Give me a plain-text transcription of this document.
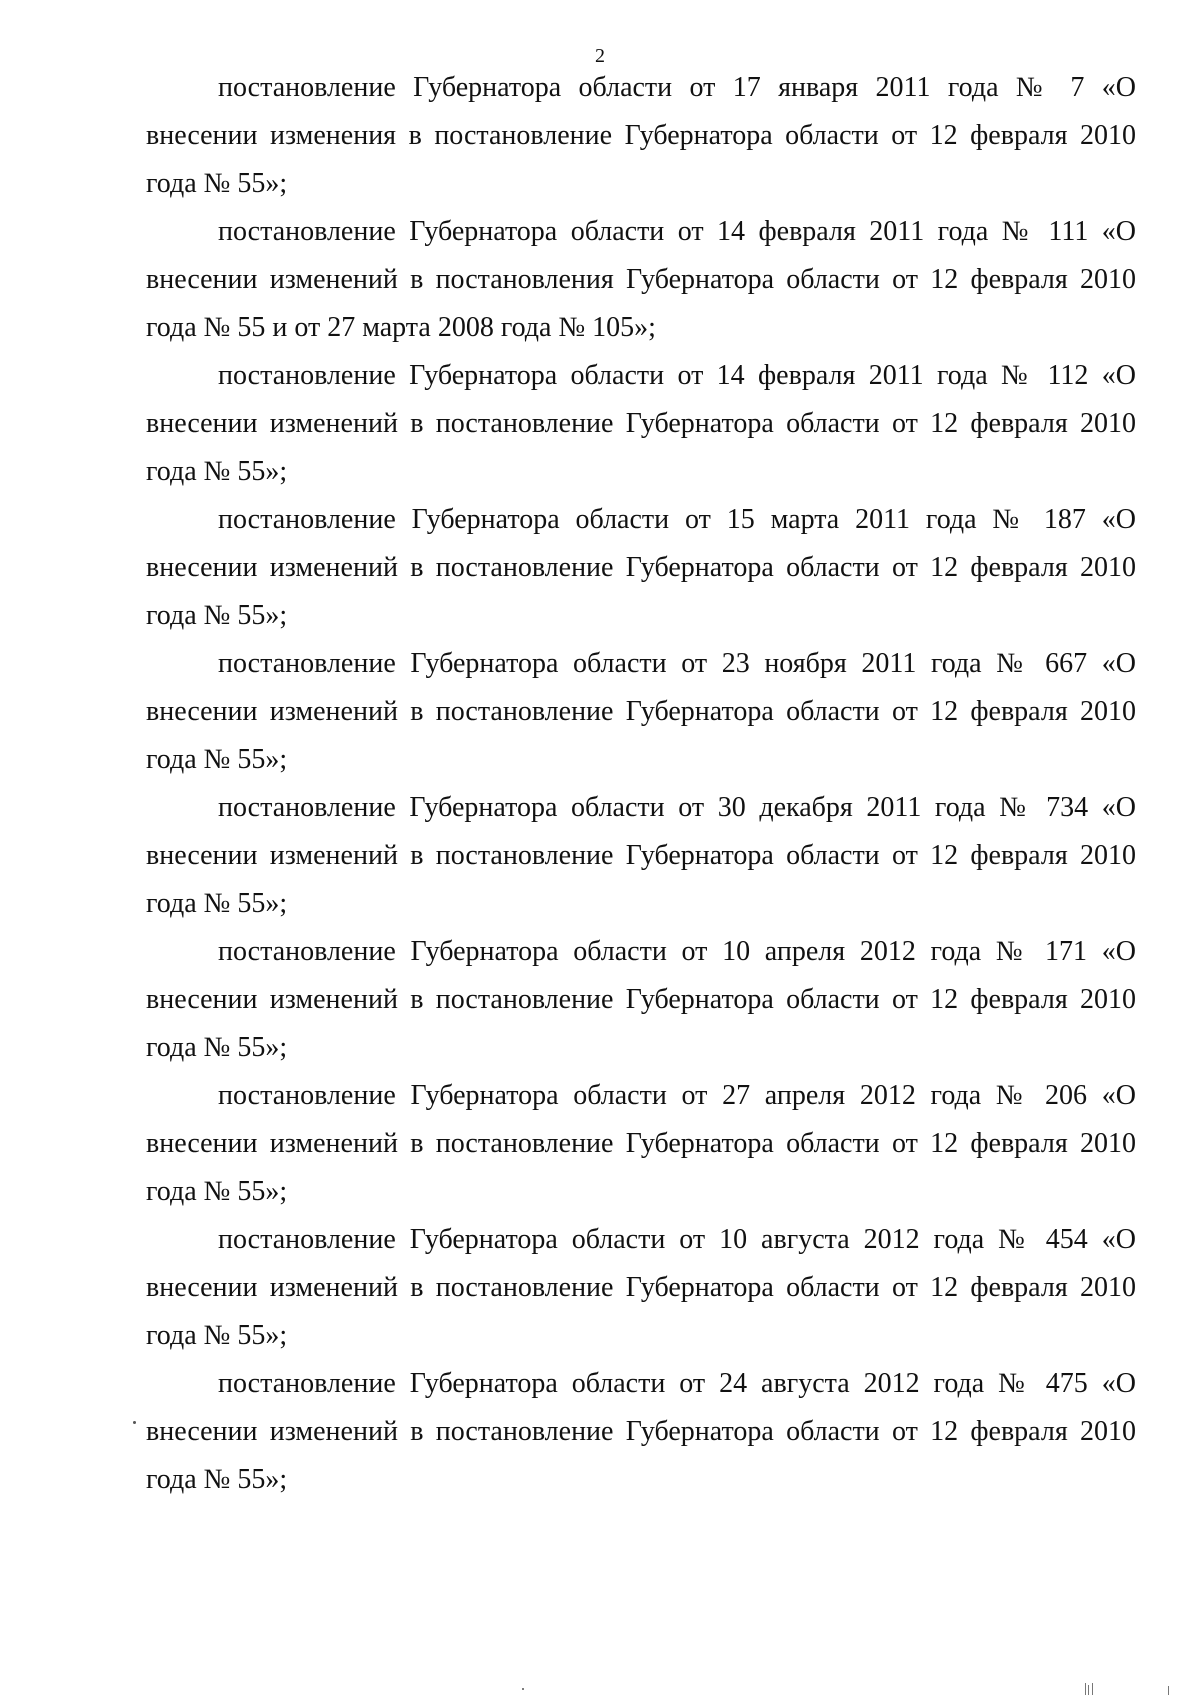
2

постановление Губернатора области от 17 января 2011 года № 7 «О
внесении изменения в постановление Губернатора области от 12 февраля 2010
года № 55»;

постановление Губернатора области от 14 февраля 2011 года № 111 «О
внесении изменений в постановления Губернатора области от 12 февраля 2010
года № 55 и от 27 марта 2008 года № 105»;

постановление Губернатора области от 14 февраля 2011 года № 112 «О
внесении изменений в постановление Губернатора области от 12 февраля 2010
года № 55»;

постановление Губернатора области от 15 марта 2011 года № 187 «О
внесении изменений в постановление Губернатора области от 12 февраля 2010
года № 55»;

постановление Губернатора области от 23 ноября 2011 года № 667 «О
внесении изменений в постановление Губернатора области от 12 февраля 2010
года № 55»;

постановление Губернатора области от 30 декабря 2011 года № 734 «О
внесении изменений в постановление Губернатора области от 12 февраля 2010
года № 55»;

постановление Губернатора области от 10 апреля 2012 года № 171 «О
внесении изменений в постановление Губернатора области от 12 февраля 2010
года № 55»;

постановление Губернатора области от 27 апреля 2012 года № 206 «О
внесении изменений в постановление Губернатора области от 12 февраля 2010
года № 55»;

постановление Губернатора области от 10 августа 2012 года № 454 «О
внесении изменений в постановление Губернатора области от 12 февраля 2010
года № 55»;

постановление Губернатора области от 24 августа 2012 года № 475 «О
внесении изменений в постановление Губернатора области от 12 февраля 2010
года № 55»;
